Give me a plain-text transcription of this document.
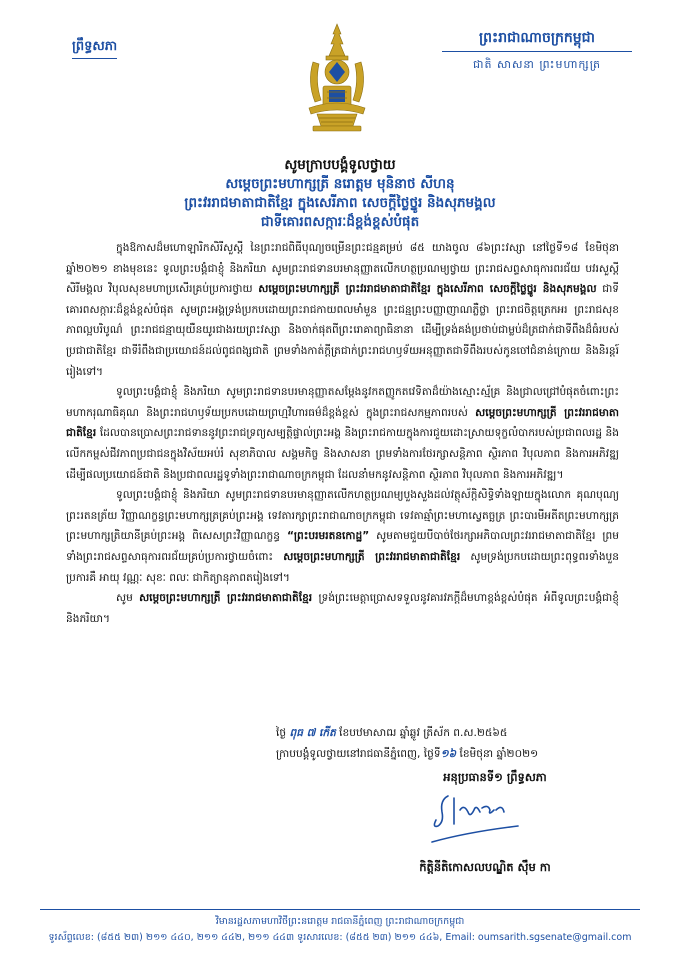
ព្រឹទ្ធសភា
ព្រះរាជាណាចក្រកម្ពុជា
ជាតិ សាសនា ព្រះមហាក្សត្រ
សូមក្រាបបង្គំទូលថ្វាយ
សម្ដេចព្រះមហាក្សត្រី នរោត្តម មុនិនាថ សីហនុ
ព្រះវររាជមាតាជាតិខ្មែរ ក្នុងសេរីភាព សេចក្ដីថ្លៃថ្នូរ និងសុភមង្គល
ជាទីគោរពសក្ការៈដ៏ខ្ពង់ខ្ពស់បំផុត

ក្នុងឱកាសដ៏មហោឡារិកសិរីសួស្ដី នៃព្រះរាជពិធីបុណ្យចម្រើនព្រះជន្មគម្រប់ ៨៥ យាងចូល ៨៦ព្រះវស្សា នៅថ្ងៃទី១៨ ខែមិថុនា ឆ្នាំ២០២១ ខាងមុខនេះ ទូលព្រះបង្គំជាខ្ញុំ និងភរិយា សូមព្រះរាជទានបរមានុញ្ញាតលើកហត្ថប្រណម្យថ្វាយ ព្រះរាជសព្ទសាធុការពរជ័យ បវរសួស្ដី សិរីមង្គល វិបុលសុខមហាប្រសើរគ្រប់ប្រការថ្វាយ សម្ដេចព្រះមហាក្សត្រី ព្រះវររាជមាតាជាតិខ្មែរ ក្នុងសេរីភាព សេចក្ដីថ្លៃថ្នូរ និងសុភមង្គល ជាទីគោរពសក្ការៈដ៏ខ្ពង់ខ្ពស់បំផុត សូមព្រះអង្គទ្រង់ប្រកបដោយព្រះរាជកាយពលមាំមួន ព្រះជន្មព្រះបញ្ញាញាណភ្លឺថ្លា ព្រះរាជចិត្តត្រេកអរ ព្រះរាជសុខភាពល្អបរិបូណ៌ ព្រះរាជជន្មាយុយឺនយូរជាងរយព្រះវស្សា និងចាក់ផុតពីព្រះរោគាព្យាធិនានា ដើម្បីទ្រង់គង់ប្រថាប់ជាម្លប់ដ៏ត្រជាក់ជាទីពឹងដ៏ធំរបស់ប្រជាជាតិខ្មែរ ជាទីរំពឹងជាប្រយោជន៍ដល់ពូជពង្សជាតិ ព្រមទាំងកាត់ក្ដីត្រជាក់ព្រះរាជហឫទ័យអនុញ្ញាតជាទីពឹងរបស់កូនចៅជំនាន់ក្រោយ និងនិរន្តរ៍រៀងទៅ។

ទូលព្រះបង្គំជាខ្ញុំ និងភរិយា សូមព្រះរាជទានបរមានុញ្ញាតសម្ដែងនូវកតញ្ញូកតវេទិតាដ៏យ៉ាងស្មោះស្ម័គ្រ និងជ្រាលជ្រៅបំផុតចំពោះព្រះមហាករុណាធិគុណ និងព្រះរាជហឫទ័យប្រកបដោយព្រហ្មវិហារធម៌ដ៏ខ្ពង់ខ្ពស់ ក្នុងព្រះរាជសកម្មភាពរបស់ សម្ដេចព្រះមហាក្សត្រី ព្រះវររាជមាតាជាតិខ្មែរ ដែលបានប្រោសព្រះរាជទាននូវព្រះរាជទ្រព្យសម្បត្តិផ្ទាល់ព្រះអង្គ និងព្រះរាជកាយក្នុងការជួយដោះស្រាយទុក្ខលំបាករបស់ប្រជាពលរដ្ឋ និងលើកកម្ពស់ជីវភាពប្រជាជនក្នុងវិស័យអប់រំ សុខាភិបាល សង្គមកិច្ច និងសាសនា ព្រមទាំងការថែរក្សាសន្តិភាព ស្ថិរភាព វិបុលភាព និងការអភិវឌ្ឍ ដើម្បីផលប្រយោជន៍ជាតិ និងប្រជាពលរដ្ឋទូទាំងព្រះរាជាណាចក្រកម្ពុជា ដែលនាំមកនូវសន្តិភាព ស្ថិរភាព វិបុលភាព និងការអភិវឌ្ឍ។

ទូលព្រះបង្គំជាខ្ញុំ និងភរិយា សូមព្រះរាជទានបរមានុញ្ញាតលើកហត្ថប្រណម្យបួងសួងដល់វត្ថុស័ក្ដិសិទ្ធិទាំងឡាយក្នុងលោក គុណបុណ្យព្រះរតនត្រ័យ វិញ្ញាណក្ខន្ធព្រះមហាក្សត្រគ្រប់ព្រះអង្គ ទេវតារក្សាព្រះរាជាណាចក្រកម្ពុជា ទេវតាឆ្មាំព្រះមហាស្វេតច្ឆត្រ ព្រះបារមីអតីតព្រះមហាក្សត្រ ព្រះមហាក្សត្រិយានីគ្រប់ព្រះអង្គ ពិសេសព្រះវិញ្ញាណក្ខន្ធ “ព្រះបរមរតនកោដ្ឋ” សូមតាមជួយបីបាច់ថែរក្សាអភិបាលព្រះវររាជមាតាជាតិខ្មែរ ព្រមទាំងព្រះរាជសព្ទសាធុការពរជ័យគ្រប់ប្រការថ្វាយចំពោះ សម្ដេចព្រះមហាក្សត្រី ព្រះវររាជមាតាជាតិខ្មែរ សូមទ្រង់ប្រកបដោយព្រះពុទ្ធពរទាំងបួនប្រការគឺ អាយុ វណ្ណៈ សុខៈ ពលៈ ជាកិត្យានុភាពតរៀងទៅ។

សូម សម្ដេចព្រះមហាក្សត្រី ព្រះវររាជមាតាជាតិខ្មែរ ទ្រង់ព្រះមេត្តាប្រោសទទួលនូវគារវភក្ដីដ៏មហាខ្ពង់ខ្ពស់បំផុត អំពីទូលព្រះបង្គំជាខ្ញុំ និងភរិយា។

ថ្ងៃ ពុធ ៧ កើត ខែបឋមាសាឍ ឆ្នាំឆ្លូវ ត្រីស័ក ព.ស.២៥៦៥
ក្រាបបង្គំទូលថ្វាយនៅរាជធានីភ្នំពេញ, ថ្ងៃទី១៦ ខែមិថុនា ឆ្នាំ២០២១
អនុប្រធានទី១ ព្រឹទ្ធសភា
កិត្តិនីតិកោសលបណ្ឌិត ស៊ឹម កា
វិមានរដ្ឋសភាមហាវិថីព្រះនរោត្តម រាជធានីភ្នំពេញ ព្រះរាជាណាចក្រកម្ពុជា
ទូរស័ព្ទលេខ: (៨៥៥ ២៣) ២១១ ៤៤០, ២១១ ៤៤២, ២១១ ៤៤៣ ទូរសារលេខ: (៨៥៥ ២៣) ២១១ ៤៤៦, Email: oumsarith.sgsenate@gmail.com
